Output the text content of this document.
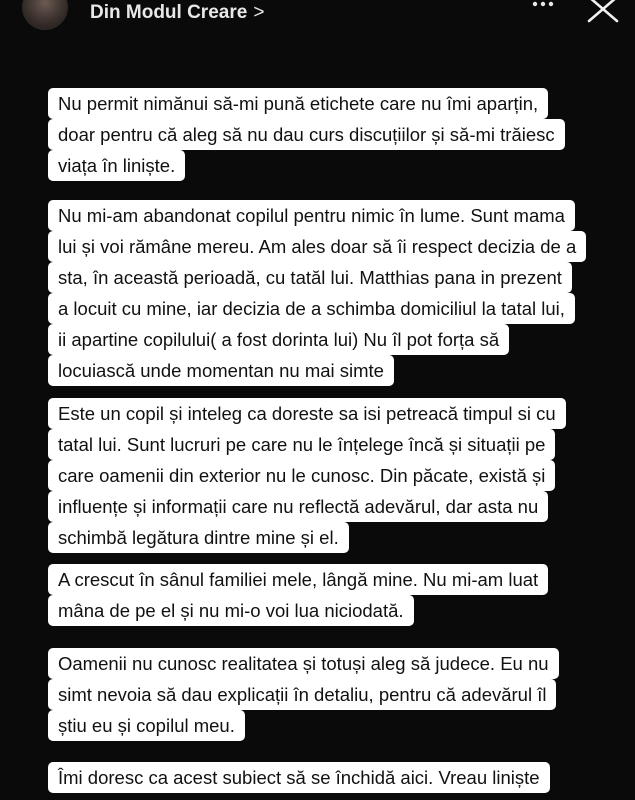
Din Modul Creare >
Nu permit nimănui să-mi pună etichete care nu îmi aparțin,
doar pentru că aleg să nu dau curs discuțiilor și să-mi trăiesc
viața în liniște.
Nu mi-am abandonat copilul pentru nimic în lume. Sunt mama
lui și voi rămâne mereu. Am ales doar să îi respect decizia de a
sta, în această perioadă, cu tatăl lui. Matthias pana in prezent
a locuit cu mine, iar decizia de a schimba domiciliul la tatal lui,
ii apartine copilului( a fost dorinta lui) Nu îl pot forța să
locuiască unde momentan nu mai simte
Este un copil și inteleg ca doreste sa isi petreacă timpul si cu
tatal lui. Sunt lucruri pe care nu le înțelege încă și situații pe
care oamenii din exterior nu le cunosc. Din păcate, există și
influențe și informații care nu reflectă adevărul, dar asta nu
schimbă legătura dintre mine și el.
A crescut în sânul familiei mele, lângă mine. Nu mi-am luat
mâna de pe el și nu mi-o voi lua niciodată.
Oamenii nu cunosc realitatea și totuși aleg să judece. Eu nu
simt nevoia să dau explicații în detaliu, pentru că adevărul îl
știu eu și copilul meu.
Îmi doresc ca acest subiect să se închidă aici. Vreau liniște
